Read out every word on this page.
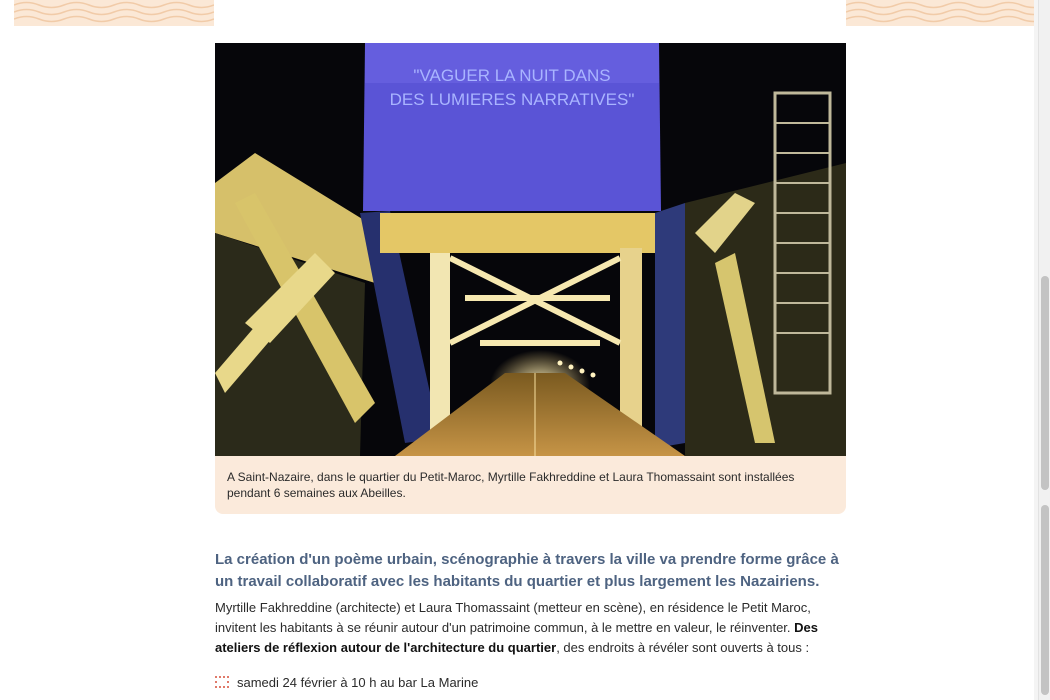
"VAGUER LA NUIT DANS
DES LUMIERES NARRATIVES"
A Saint-Nazaire, dans le quartier du Petit-Maroc, Myrtille Fakhreddine et Laura Thomassaint sont installées pendant 6 semaines aux Abeilles.
La création d'un poème urbain, scénographie à travers la ville va prendre forme grâce à un travail collaboratif avec les habitants du quartier et plus largement les Nazairiens.

Myrtille Fakhreddine (architecte) et Laura Thomassaint (metteur en scène), en résidence le Petit Maroc, invitent les habitants à se réunir autour d'un patrimoine commun, à le mettre en valeur, le réinventer. Des ateliers de réflexion autour de l'architecture du quartier, des endroits à révéler sont ouverts à tous :

samedi 24 février à 10 h au bar La Marine
